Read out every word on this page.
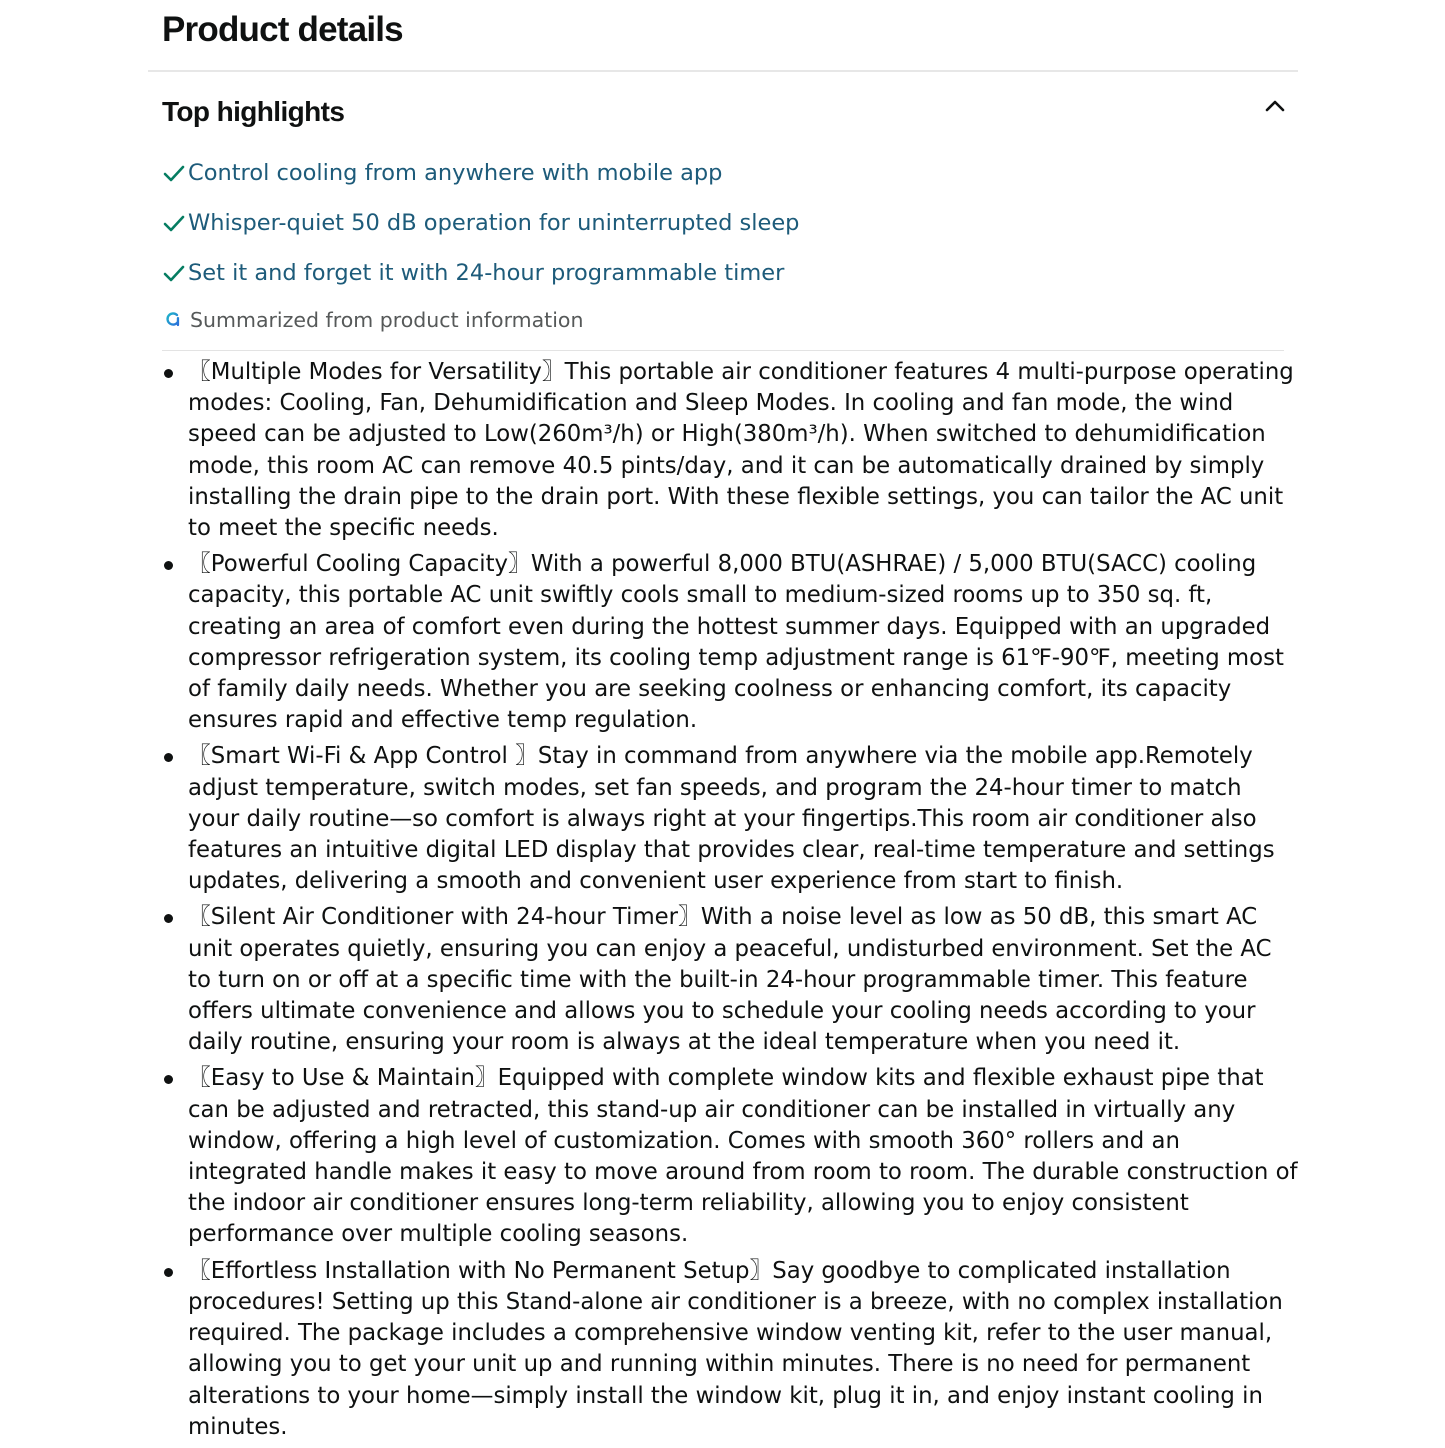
Product details
Top highlights
Control cooling from anywhere with mobile app
Whisper-quiet 50 dB operation for uninterrupted sleep
Set it and forget it with 24-hour programmable timer
Summarized from product information
〖Multiple Modes for Versatility〗This portable air conditioner features 4 multi-purpose operating modes: Cooling, Fan, Dehumidification and Sleep Modes. In cooling and fan mode, the wind speed can be adjusted to Low(260m³/h) or High(380m³/h). When switched to dehumidification mode, this room AC can remove 40.5 pints/day, and it can be automatically drained by simply installing the drain pipe to the drain port. With these flexible settings, you can tailor the AC unit to meet the specific needs.
〖Powerful Cooling Capacity〗With a powerful 8,000 BTU(ASHRAE) / 5,000 BTU(SACC) cooling capacity, this portable AC unit swiftly cools small to medium-sized rooms up to 350 sq. ft, creating an area of comfort even during the hottest summer days. Equipped with an upgraded compressor refrigeration system, its cooling temp adjustment range is 61℉-90℉, meeting most of family daily needs. Whether you are seeking coolness or enhancing comfort, its capacity ensures rapid and effective temp regulation.
〖Smart Wi-Fi & App Control 〗Stay in command from anywhere via the mobile app.Remotely adjust temperature, switch modes, set fan speeds, and program the 24-hour timer to match your daily routine—so comfort is always right at your fingertips.This room air conditioner also features an intuitive digital LED display that provides clear, real-time temperature and settings updates, delivering a smooth and convenient user experience from start to finish.
〖Silent Air Conditioner with 24-hour Timer〗With a noise level as low as 50 dB, this smart AC unit operates quietly, ensuring you can enjoy a peaceful, undisturbed environment. Set the AC to turn on or off at a specific time with the built-in 24-hour programmable timer. This feature offers ultimate convenience and allows you to schedule your cooling needs according to your daily routine, ensuring your room is always at the ideal temperature when you need it.
〖Easy to Use & Maintain〗Equipped with complete window kits and flexible exhaust pipe that can be adjusted and retracted, this stand-up air conditioner can be installed in virtually any window, offering a high level of customization. Comes with smooth 360° rollers and an integrated handle makes it easy to move around from room to room. The durable construction of the indoor air conditioner ensures long-term reliability, allowing you to enjoy consistent performance over multiple cooling seasons.
〖Effortless Installation with No Permanent Setup〗Say goodbye to complicated installation procedures! Setting up this Stand-alone air conditioner is a breeze, with no complex installation required. The package includes a comprehensive window venting kit, refer to the user manual, allowing you to get your unit up and running within minutes. There is no need for permanent alterations to your home—simply install the window kit, plug it in, and enjoy instant cooling in minutes.
